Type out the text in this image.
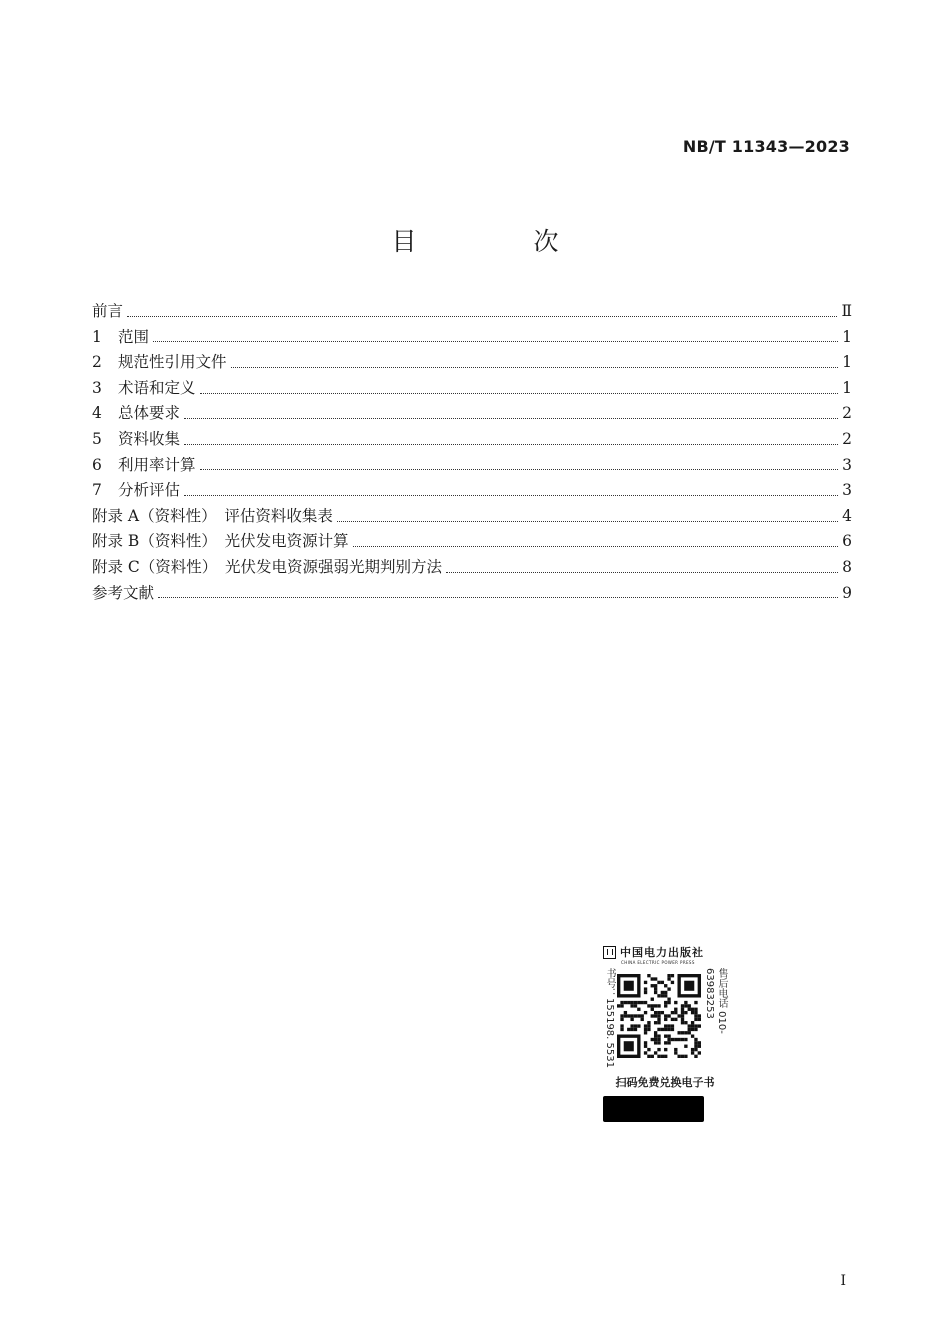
NB/T 11343—2023
目　次
前言	Ⅱ
1	范围	1
2	规范性引用文件	1
3	术语和定义	1
4	总体要求	2
5	资料收集	2
6	利用率计算	3
7	分析评估	3
附录 A（资料性）　评估资料收集表	4
附录 B（资料性）　光伏发电资源计算	6
附录 C（资料性）　光伏发电资源强弱光期判别方法	8
参考文献	9
中国电力出版社
CHINA ELECTRIC POWER PRESS
书号：155198. 5531	售后电话 010-63983253
扫码免费兑换电子书
I
